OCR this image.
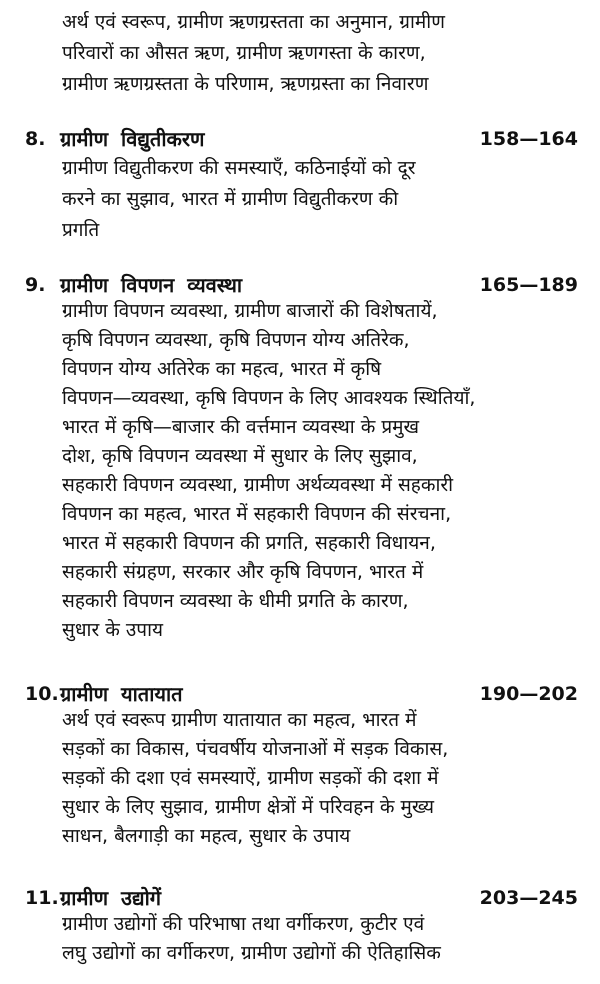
अर्थ एवं स्वरूप, ग्रामीण ऋणग्रस्तता का अनुमान, ग्रामीण
परिवारों का औसत ऋण, ग्रामीण ऋणगस्ता के कारण,
ग्रामीण ऋणग्रस्तता के परिणाम, ऋणग्रस्ता का निवारण
8. ग्रामीण विद्युतीकरण	158—164
ग्रामीण विद्युतीकरण की समस्याएँ, कठिनाईयों को दूर
करने का सुझाव, भारत में ग्रामीण विद्युतीकरण की
प्रगति
9. ग्रामीण विपणन व्यवस्था	165—189
ग्रामीण विपणन व्यवस्था, ग्रामीण बाजारों की विशेषतायें,
कृषि विपणन व्यवस्था, कृषि विपणन योग्य अतिरेक,
विपणन योग्य अतिरेक का महत्व, भारत में कृषि
विपणन—व्यवस्था, कृषि विपणन के लिए आवश्यक स्थितियाँ,
भारत में कृषि—बाजार की वर्त्तमान व्यवस्था के प्रमुख
दोश, कृषि विपणन व्यवस्था में सुधार के लिए सुझाव,
सहकारी विपणन व्यवस्था, ग्रामीण अर्थव्यवस्था में सहकारी
विपणन का महत्व, भारत में सहकारी विपणन की संरचना,
भारत में सहकारी विपणन की प्रगति, सहकारी विधायन,
सहकारी संग्रहण, सरकार और कृषि विपणन, भारत में
सहकारी विपणन व्यवस्था के धीमी प्रगति के कारण,
सुधार के उपाय
10. ग्रामीण यातायात	190—202
अर्थ एवं स्वरूप ग्रामीण यातायात का महत्व, भारत में
सड़कों का विकास, पंचवर्षीय योजनाओं में सड़क विकास,
सड़कों की दशा एवं समस्याऐं, ग्रामीण सड़कों की दशा में
सुधार के लिए सुझाव, ग्रामीण क्षेत्रों में परिवहन के मुख्य
साधन, बैलगाड़ी का महत्व, सुधार के उपाय
11. ग्रामीण उद्योगें	203—245
ग्रामीण उद्योगों की परिभाषा तथा वर्गीकरण, कुटीर एवं
लघु उद्योगों का वर्गीकरण, ग्रामीण उद्योगों की ऐतिहासिक
